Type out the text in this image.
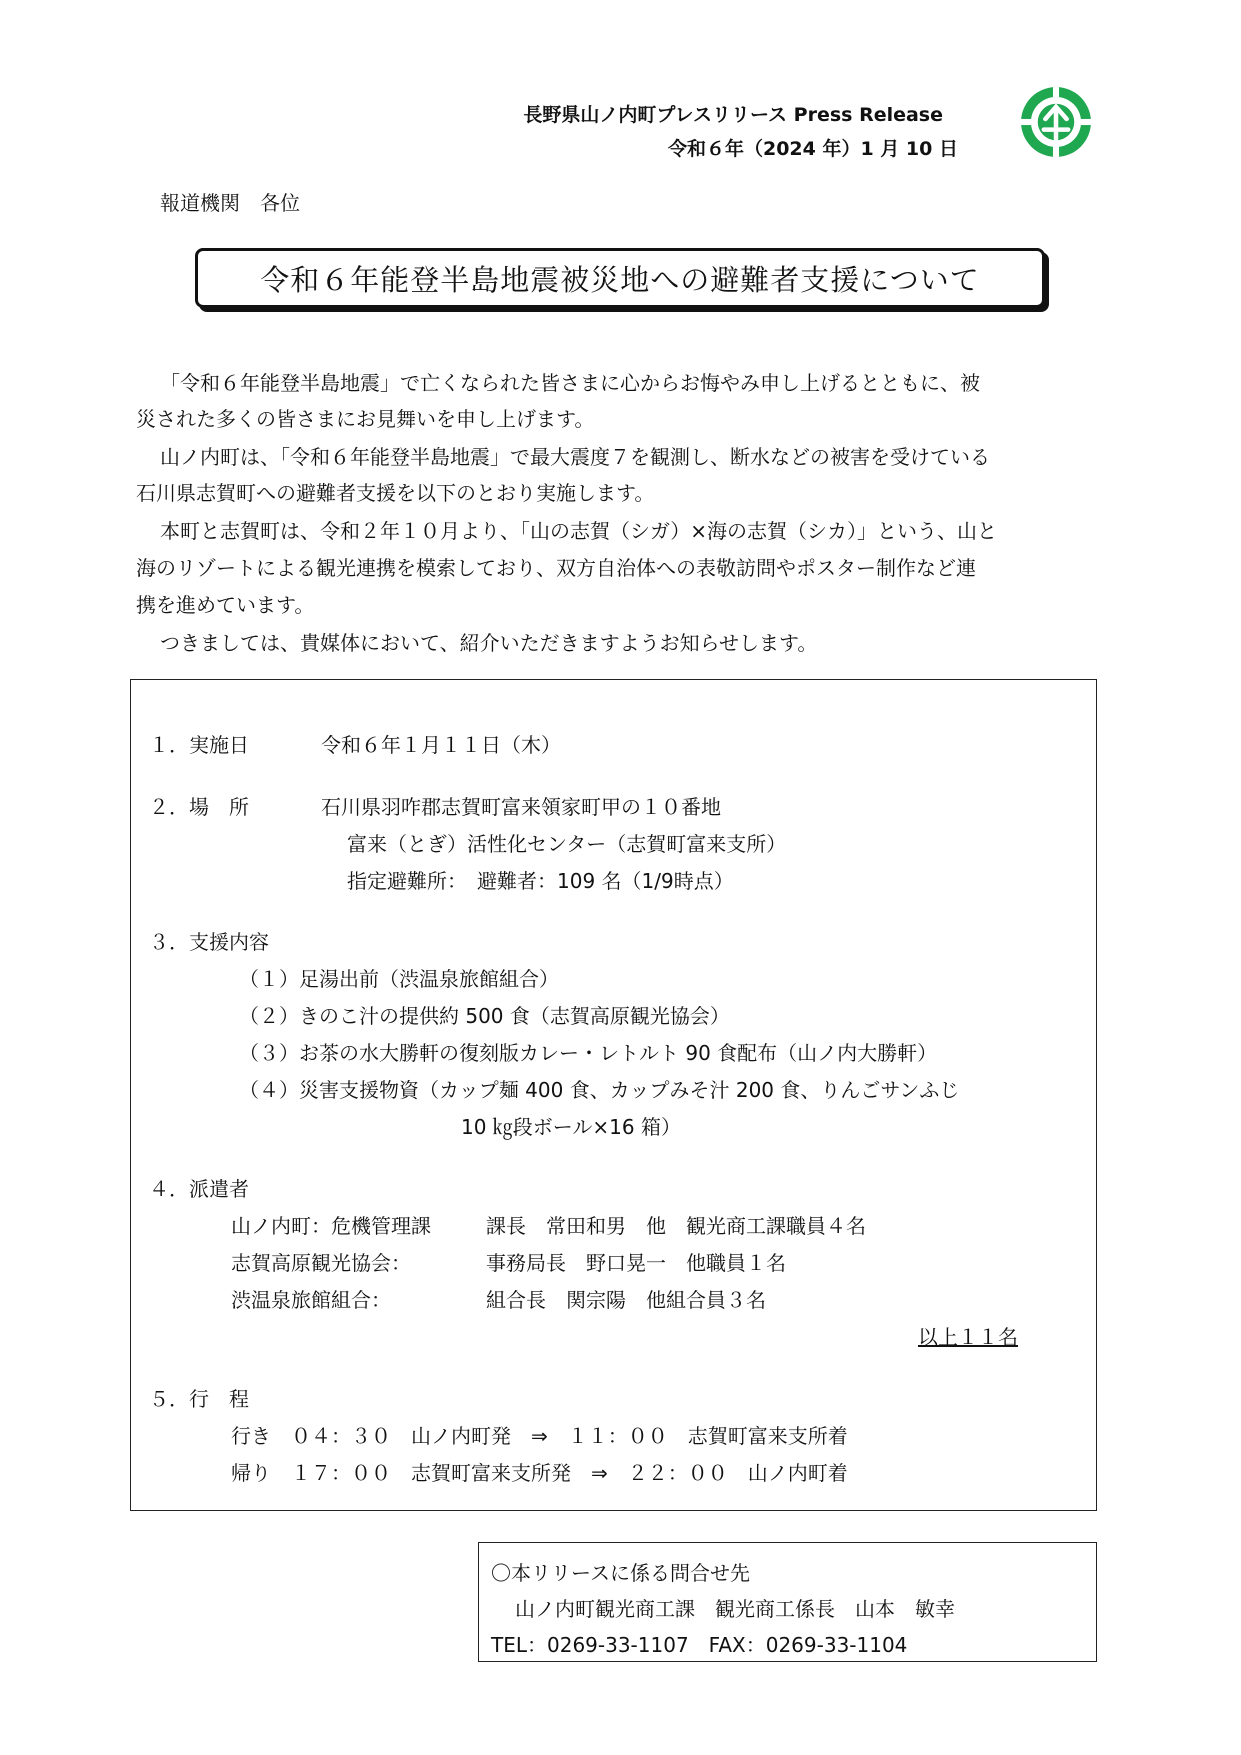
長野県山ノ内町プレスリリース Press Release
令和６年（2024 年）1 月 10 日
報道機関　各位
令和６年能登半島地震被災地への避難者支援について

「令和６年能登半島地震」で亡くなられた皆さまに心からお悔やみ申し上げるとともに、被

災された多くの皆さまにお見舞いを申し上げます。

山ノ内町は、「令和６年能登半島地震」で最大震度７を観測し、断水などの被害を受けている

石川県志賀町への避難者支援を以下のとおり実施します。

本町と志賀町は、令和２年１０月より、「山の志賀（シガ）×海の志賀（シカ）」という、山と

海のリゾートによる観光連携を模索しており、双方自治体への表敬訪問やポスター制作など連

携を進めています。

つきましては、貴媒体において、紹介いただきますようお知らせします。

１．実施日	令和６年１月１１日（木）
２．場　所	石川県羽咋郡志賀町富来領家町甲の１０番地
富来（とぎ）活性化センター（志賀町富来支所）
指定避難所：　避難者：109 名（1/9時点）
３．支援内容
（１）足湯出前（渋温泉旅館組合）
（２）きのこ汁の提供約 500 食（志賀高原観光協会）
（３）お茶の水大勝軒の復刻版カレー・レトルト 90 食配布（山ノ内大勝軒）
（４）災害支援物資（カップ麺 400 食、カップみそ汁 200 食、りんごサンふじ
10 ㎏段ボール×16 箱）
４．派遣者
山ノ内町：危機管理課	課長　常田和男　他　観光商工課職員４名
志賀高原観光協会：	事務局長　野口晃一　他職員１名
渋温泉旅館組合：	組合長　関宗陽　他組合員３名
以上１１名
５．行　程
行き　０４：３０　山ノ内町発　⇒　１１：００　志賀町富来支所着
帰り　１７：００　志賀町富来支所発　⇒　２２：００　山ノ内町着
〇本リリースに係る問合せ先
山ノ内町観光商工課　観光商工係長　山本　敏幸
TEL：0269-33-1107　FAX：0269-33-1104
